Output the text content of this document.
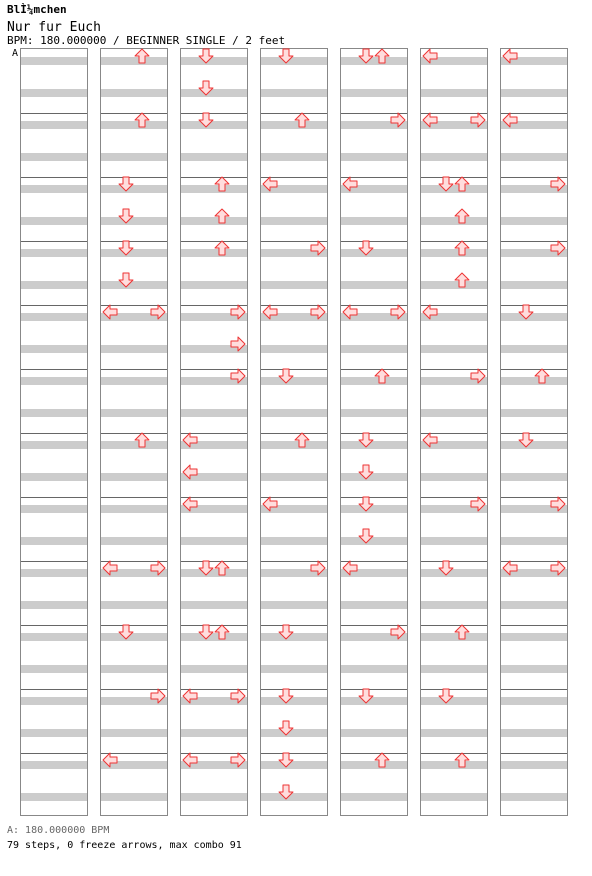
BlÌ¼mchen
Nur fur Euch
BPM: 180.000000 / BEGINNER SINGLE / 2 feet
A
A: 180.000000 BPM
79 steps, 0 freeze arrows, max combo 91
